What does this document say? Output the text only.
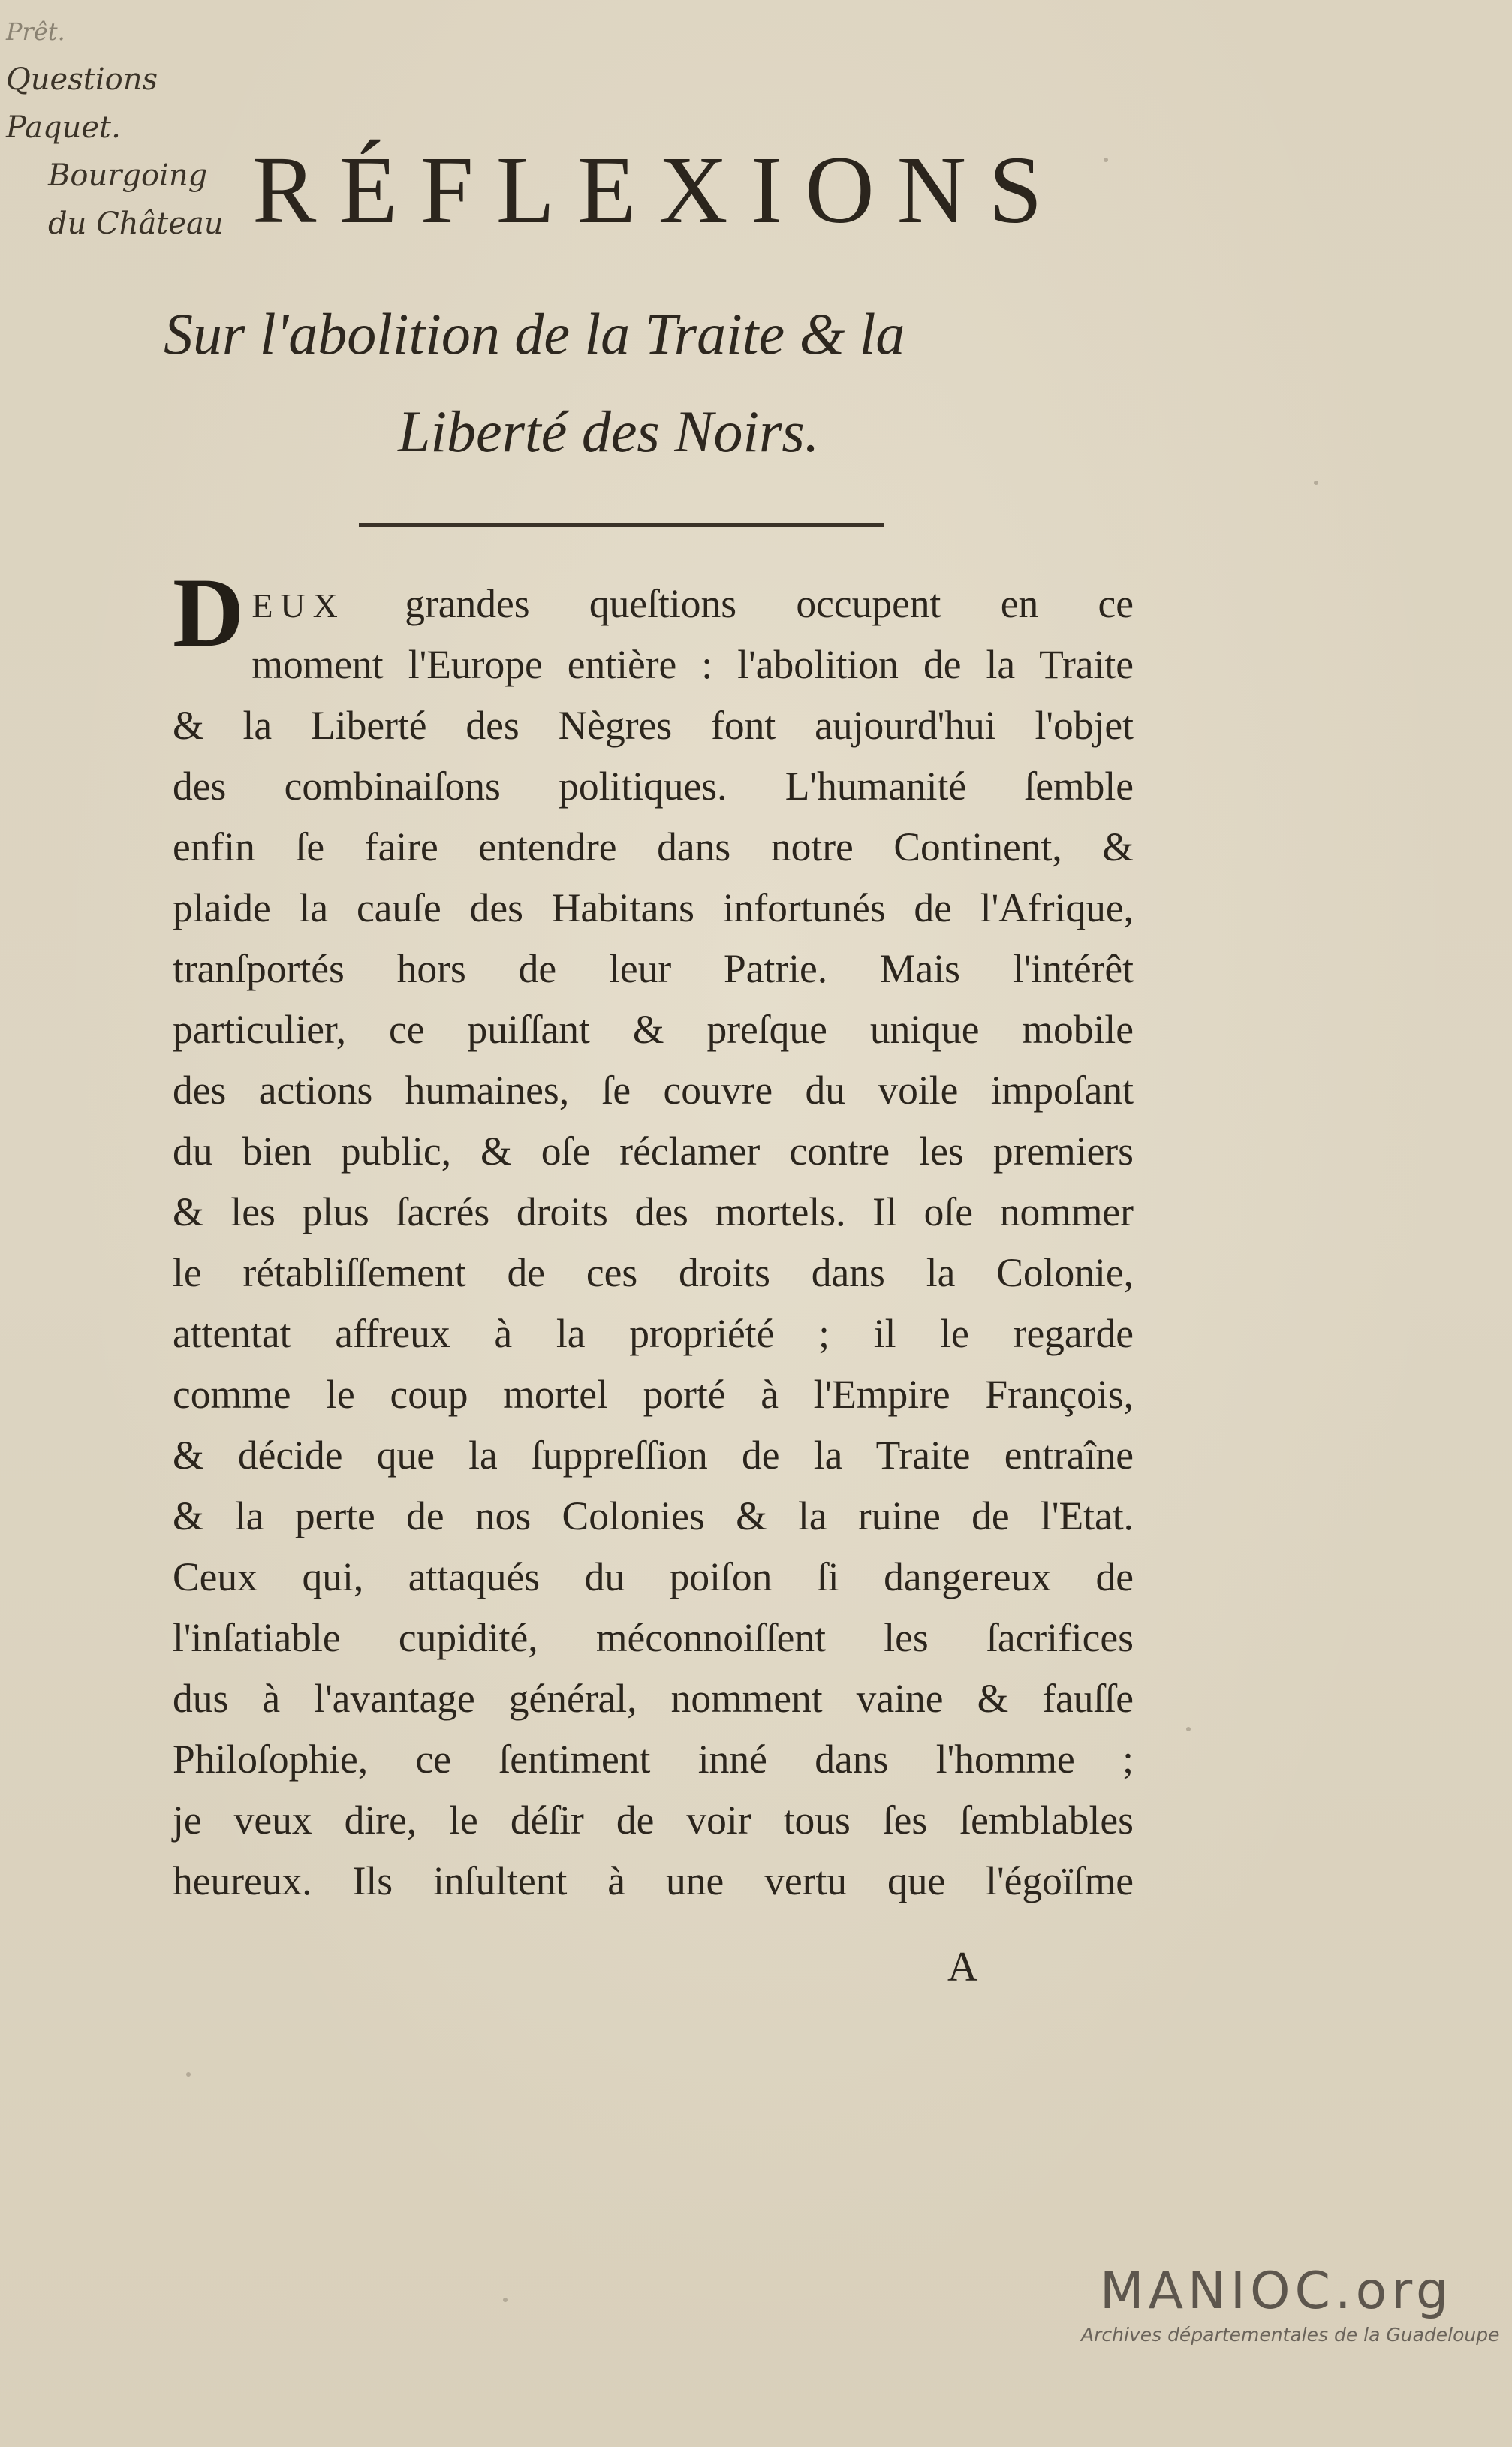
Prêt.
Questions
Paquet.
Bourgoing
du Château RÉFLEXIONS
Sur l'abolition de la Traite & la
Liberté des Noirs.
D EUX grandes queſtions occupent en ce
moment l'Europe entière : l'abolition de la Traite
& la Liberté des Nègres font aujourd'hui l'objet
des combinaiſons politiques. L'humanité ſemble
enfin ſe faire entendre dans notre Continent, &
plaide la cauſe des Habitans infortunés de l'Afrique,
tranſportés hors de leur Patrie. Mais l'intérêt
particulier, ce puiſſant & preſque unique mobile
des actions humaines, ſe couvre du voile impoſant
du bien public, & oſe réclamer contre les premiers
& les plus ſacrés droits des mortels. Il oſe nommer
le rétabliſſement de ces droits dans la Colonie,
attentat affreux à la propriété ; il le regarde
comme le coup mortel porté à l'Empire François,
& décide que la ſuppreſſion de la Traite entraîne
& la perte de nos Colonies & la ruine de l'Etat.
Ceux qui, attaqués du poiſon ſi dangereux de
l'inſatiable cupidité, méconnoiſſent les ſacrifices
dus à l'avantage général, nomment vaine & fauſſe
Philoſophie, ce ſentiment inné dans l'homme ;
je veux dire, le déſir de voir tous ſes ſemblables
heureux. Ils inſultent à une vertu que l'égoïſme
A
MANIOC.org
Archives départementales de la Guadeloupe
